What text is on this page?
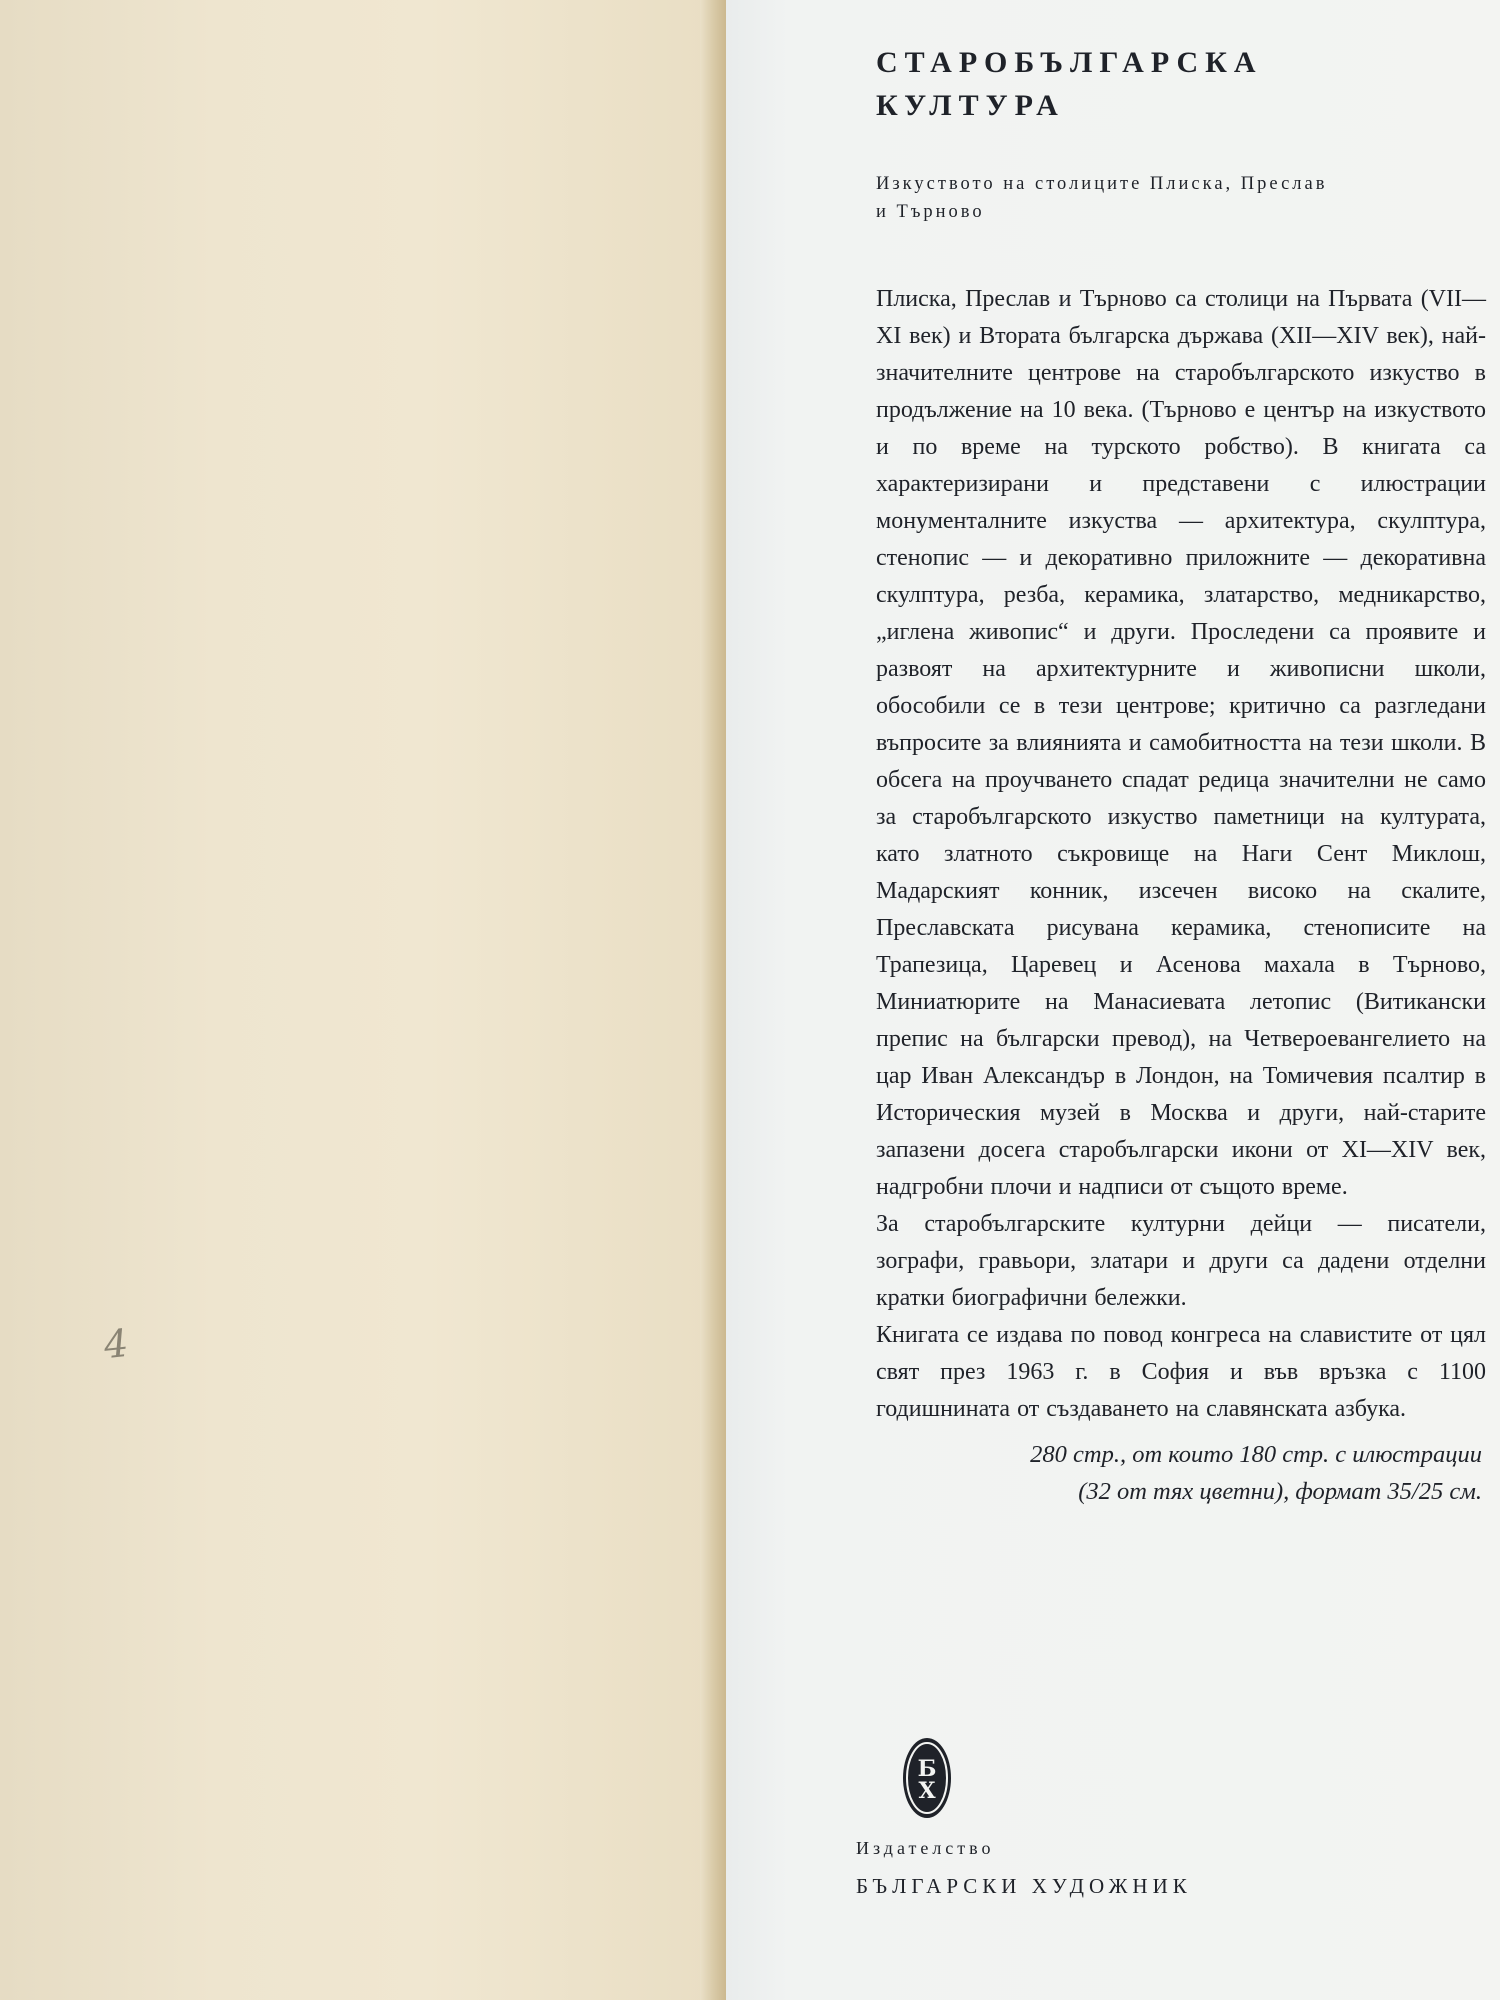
4
СТАРОБЪЛГАРСКА
КУЛТУРА

Изкуството на столиците Плиска, Преслав
и Търново

Плиска, Преслав и Търново са столици на Първата (VII—XI век) и Втората българска държава (XII—XIV век), най-значителните центрове на старобългарското изкуство в продължение на 10 века. (Търново е център на изкуството и по време на турското робство). В книгата са характеризирани и представени с илюстрации монументалните изкуства — архитектура, скулптура, стенопис — и декоративно приложните — декоративна скулптура, резба, керамика, златарство, медникарство, „иглена живопис“ и други. Проследени са проявите и развоят на архитектурните и живописни школи, обособили се в тези центрове; критично са разгледани въпросите за влиянията и самобитността на тези школи. В обсега на проучването спадат редица значителни не само за старобългарското изкуство паметници на културата, като златното съкровище на Наги Сент Миклош, Мадарският конник, изсечен високо на скалите, Преславската рисувана керамика, стенописите на Трапезица, Царевец и Асенова махала в Търново, Миниатюрите на Манасиевата летопис (Витикански препис на български превод), на Четвероевангелието на цар Иван Александър в Лондон, на Томичевия псалтир в Историческия музей в Москва и други, най-старите запазени досега старобългарски икони от XI—XIV век, надгробни плочи и надписи от същото време.

За старобългарските културни дейци — писатели, зографи, гравьори, златари и други са дадени отделни кратки биографични бележки.

Книгата се издава по повод конгреса на славистите от цял свят през 1963 г. в София и във връзка с 1100 годишнината от създаването на славянската азбука.

280 стр., от които 180 стр. с илюстрации
(32 от тях цветни), формат 35/25 см.
Б
Х

Издателство

БЪЛГАРСКИ ХУДОЖНИК
